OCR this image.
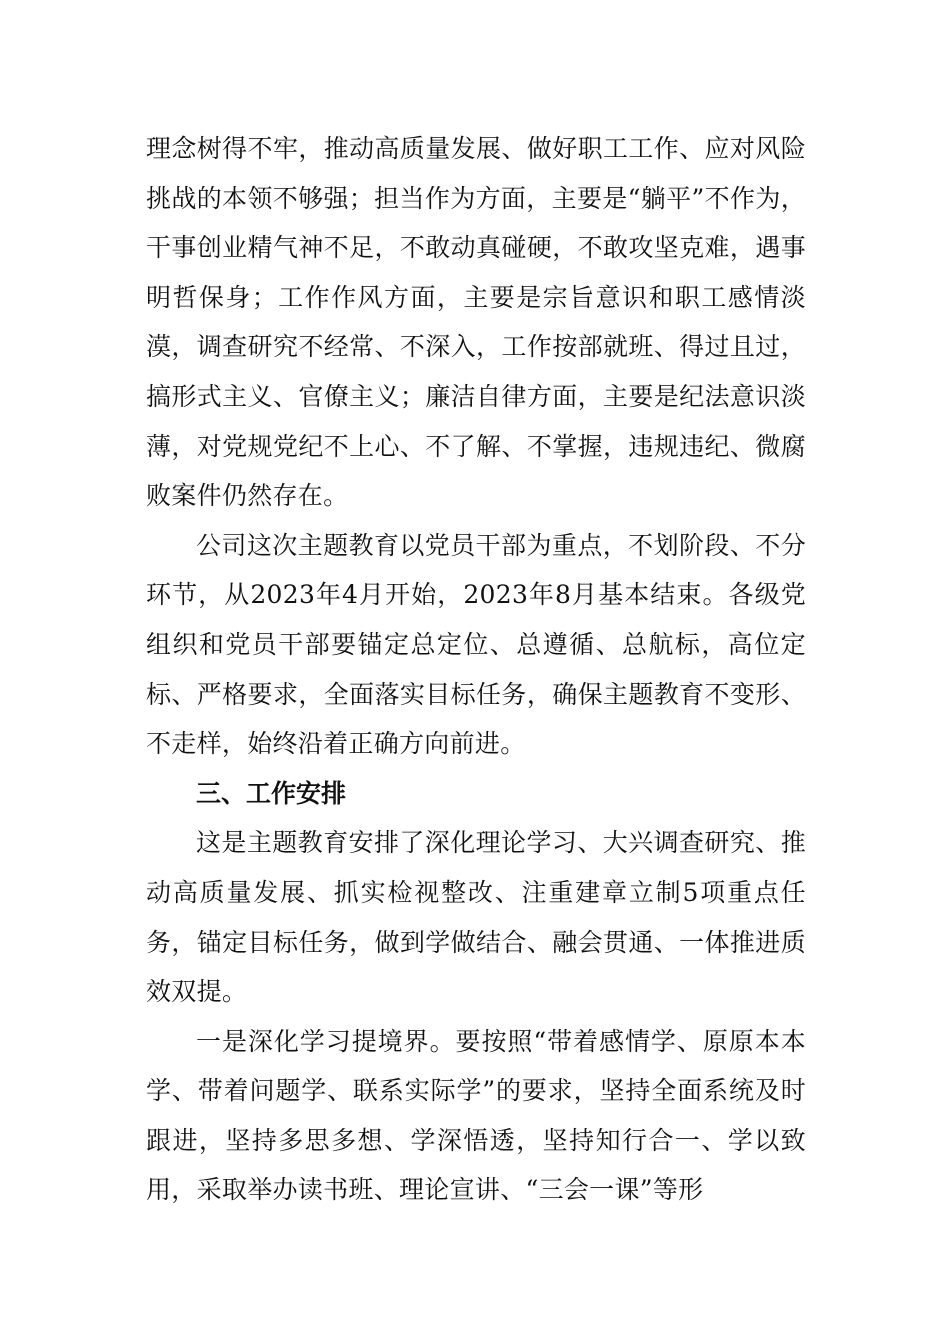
理念树得不牢，推动高质量发展、做好职工工作、应对风险挑战的本领不够强；担当作为方面，主要是“躺平”不作为，干事创业精气神不足，不敢动真碰硬，不敢攻坚克难，遇事明哲保身；工作作风方面，主要是宗旨意识和职工感情淡漠，调查研究不经常、不深入，工作按部就班、得过且过，搞形式主义、官僚主义；廉洁自律方面，主要是纪法意识淡薄，对党规党纪不上心、不了解、不掌握，违规违纪、微腐败案件仍然存在。

公司这次主题教育以党员干部为重点，不划阶段、不分环节，从2023年4月开始，2023年8月基本结束。各级党组织和党员干部要锚定总定位、总遵循、总航标，高位定标、严格要求，全面落实目标任务，确保主题教育不变形、不走样，始终沿着正确方向前进。

三、工作安排

这是主题教育安排了深化理论学习、大兴调查研究、推动高质量发展、抓实检视整改、注重建章立制5项重点任务，锚定目标任务，做到学做结合、融会贯通、一体推进质效双提。

一是深化学习提境界。要按照“带着感情学、原原本本学、带着问题学、联系实际学”的要求，坚持全面系统及时跟进，坚持多思多想、学深悟透，坚持知行合一、学以致用，采取举办读书班、理论宣讲、“三会一课”等形
